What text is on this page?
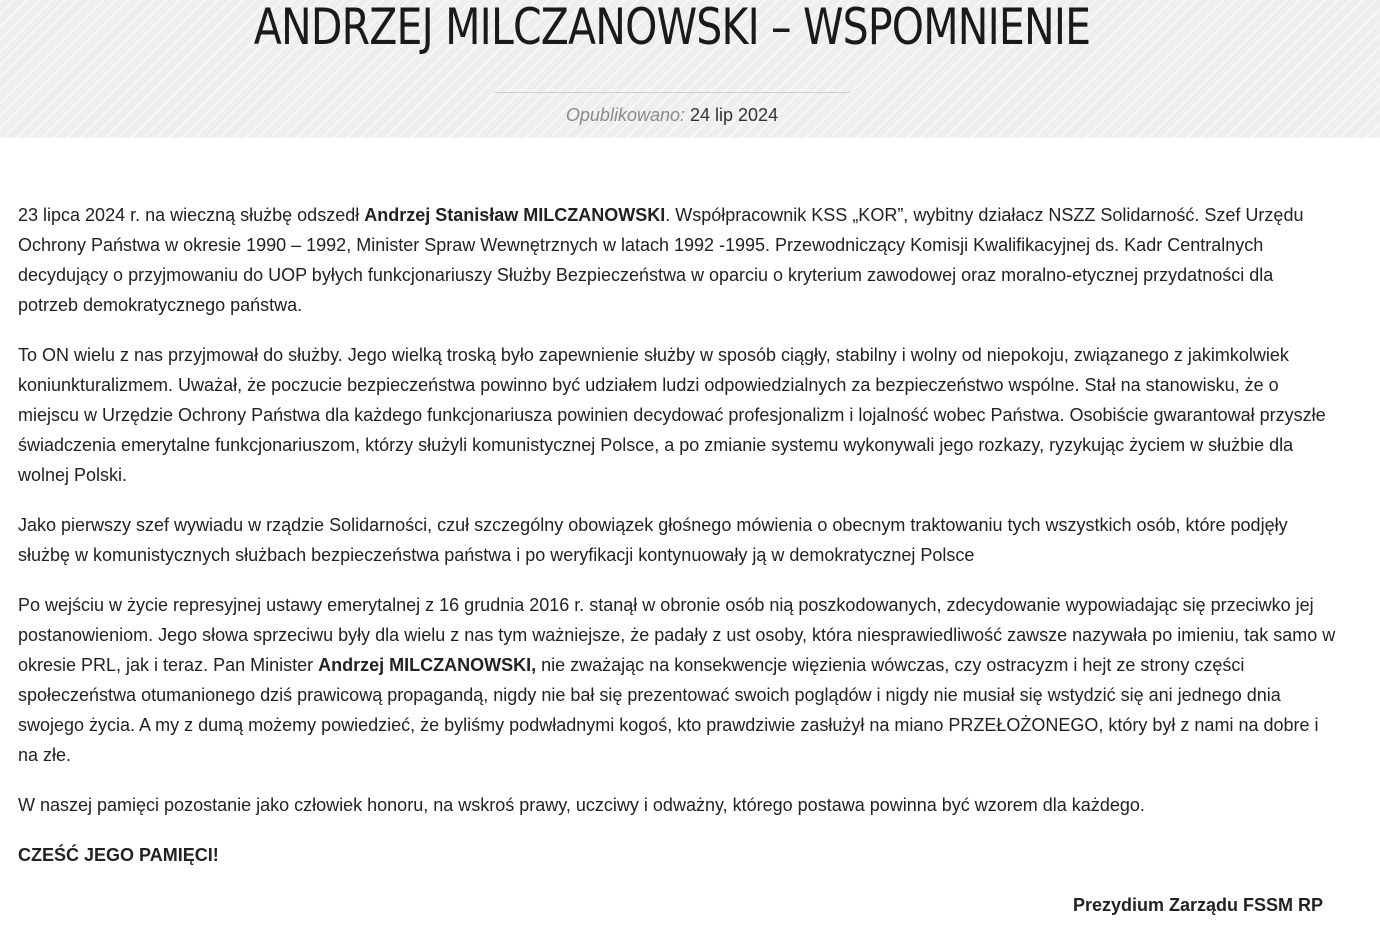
ANDRZEJ MILCZANOWSKI – WSPOMNIENIE
Opublikowano: 24 lip 2024

23 lipca 2024 r. na wieczną służbę odszedł Andrzej Stanisław MILCZANOWSKI. Współpracownik KSS „KOR”, wybitny działacz NSZZ Solidarność. Szef Urzędu Ochrony Państwa w okresie 1990 – 1992, Minister Spraw Wewnętrznych w latach 1992 -1995. Przewodniczący Komisji Kwalifikacyjnej ds. Kadr Centralnych decydujący o przyjmowaniu do UOP byłych funkcjonariuszy Służby Bezpieczeństwa w oparciu o kryterium zawodowej oraz moralno-etycznej przydatności dla potrzeb demokratycznego państwa.

To ON wielu z nas przyjmował do służby. Jego wielką troską było zapewnienie służby w sposób ciągły, stabilny i wolny od niepokoju, związanego z jakimkolwiek koniunkturalizmem. Uważał, że poczucie bezpieczeństwa powinno być udziałem ludzi odpowiedzialnych za bezpieczeństwo wspólne. Stał na stanowisku, że o miejscu w Urzędzie Ochrony Państwa dla każdego funkcjonariusza powinien decydować profesjonalizm i lojalność wobec Państwa. Osobiście gwarantował przyszłe świadczenia emerytalne funkcjonariuszom, którzy służyli komunistycznej Polsce, a po zmianie systemu wykonywali jego rozkazy, ryzykując życiem w służbie dla wolnej Polski.

Jako pierwszy szef wywiadu w rządzie Solidarności, czuł szczególny obowiązek głośnego mówienia o obecnym traktowaniu tych wszystkich osób, które podjęły służbę w komunistycznych służbach bezpieczeństwa państwa i po weryfikacji kontynuowały ją w demokratycznej Polsce

Po wejściu w życie represyjnej ustawy emerytalnej z 16 grudnia 2016 r. stanął w obronie osób nią poszkodowanych, zdecydowanie wypowiadając się przeciwko jej postanowieniom. Jego słowa sprzeciwu były dla wielu z nas tym ważniejsze, że padały z ust osoby, która niesprawiedliwość zawsze nazywała po imieniu, tak samo w okresie PRL, jak i teraz. Pan Minister Andrzej MILCZANOWSKI, nie zważając na konsekwencje więzienia wówczas, czy ostracyzm i hejt ze strony części społeczeństwa otumanionego dziś prawicową propagandą, nigdy nie bał się prezentować swoich poglądów i nigdy nie musiał się wstydzić się ani jednego dnia swojego życia. A my z dumą możemy powiedzieć, że byliśmy podwładnymi kogoś, kto prawdziwie zasłużył na miano PRZEŁOŻONEGO, który był z nami na dobre i na złe.

W naszej pamięci pozostanie jako człowiek honoru, na wskroś prawy, uczciwy i odważny, którego postawa powinna być wzorem dla każdego.

CZEŚĆ JEGO PAMIĘCI!

Prezydium Zarządu FSSM RP
